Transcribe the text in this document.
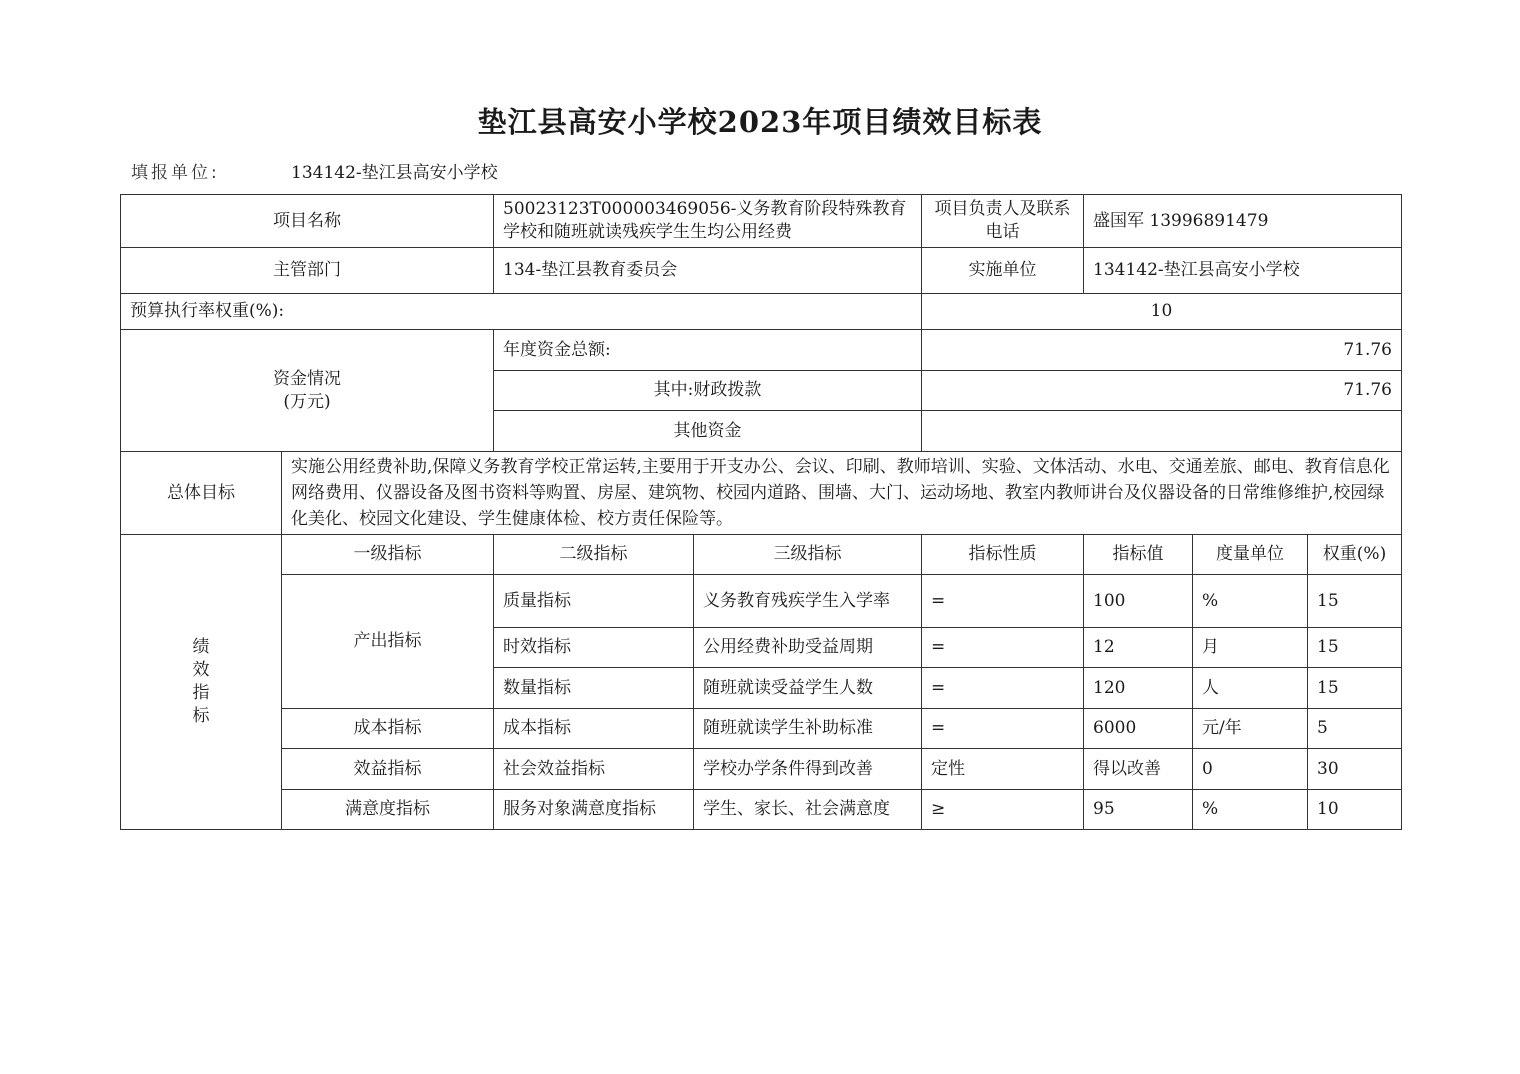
垫江县高安小学校2023年项目绩效目标表
填报单位:	134142-垫江县高安小学校
项目名称		50023123T000003469056-义务教育阶段特殊教育学校和随班就读残疾学生生均公用经费		项目负责人及联系电话	盛国军 13996891479		
主管部门		134-垫江县教育委员会		实施单位	134142-垫江县高安小学校		
预算执行率权重(%):				10			

资金情况
(万元)		年度资金总额:		71.76			
		其中:财政拨款		71.76			
		其他资金					
总体目标	实施公用经费补助,保障义务教育学校正常运转,主要用于开支办公、会议、印刷、教师培训、实验、文体活动、水电、交通差旅、邮电、教育信息化网络费用、仪器设备及图书资料等购置、房屋、建筑物、校园内道路、围墙、大门、运动场地、教室内教师讲台及仪器设备的日常维修维护,校园绿化美化、校园文化建设、学生健康体检、校方责任保险等。						

绩
效
指
标	一级指标	二级指标	三级指标	指标性质	指标值	度量单位	权重(%)
	产出指标	质量指标	义务教育残疾学生入学率	=	100	%	15
		时效指标	公用经费补助受益周期	=	12	月	15
		数量指标	随班就读受益学生人数	=	120	人	15
	成本指标	成本指标	随班就读学生补助标准	=	6000	元/年	5
	效益指标	社会效益指标	学校办学条件得到改善	定性	得以改善	0	30
	满意度指标	服务对象满意度指标	学生、家长、社会满意度	≥	95	%	10
